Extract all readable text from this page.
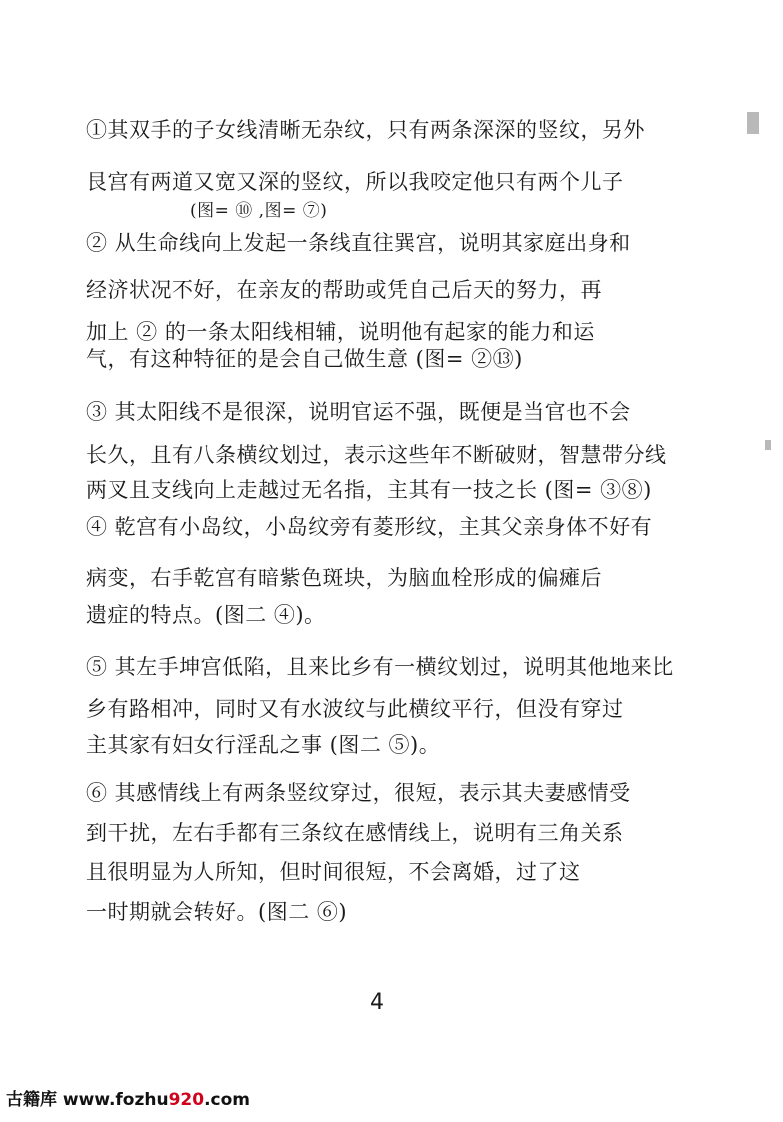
①其双手的子女线清晰无杂纹，只有两条深深的竖纹，另外
艮宫有两道又宽又深的竖纹，所以我咬定他只有两个儿子
(图= ⑩ ,图= ⑦)
② 从生命线向上发起一条线直往巽宫，说明其家庭出身和
经济状况不好，在亲友的帮助或凭自己后天的努力，再
加上 ② 的一条太阳线相辅，说明他有起家的能力和运
气，有这种特征的是会自己做生意 (图= ②⑬)
③ 其太阳线不是很深，说明官运不强，既便是当官也不会
长久，且有八条横纹划过，表示这些年不断破财，智慧带分线
两叉且支线向上走越过无名指，主其有一技之长 (图= ③⑧)
④ 乾宫有小岛纹，小岛纹旁有菱形纹，主其父亲身体不好有
病变，右手乾宫有暗紫色斑块，为脑血栓形成的偏瘫后
遗症的特点。(图二 ④)。
⑤ 其左手坤宫低陷，且来比乡有一横纹划过，说明其他地来比
乡有路相冲，同时又有水波纹与此横纹平行，但没有穿过
主其家有妇女行淫乱之事 (图二 ⑤)。
⑥ 其感情线上有两条竖纹穿过，很短，表示其夫妻感情受
到干扰，左右手都有三条纹在感情线上，说明有三角关系
且很明显为人所知，但时间很短，不会离婚，过了这
一时期就会转好。(图二 ⑥)
4
古籍库 www.fozhu920.com
